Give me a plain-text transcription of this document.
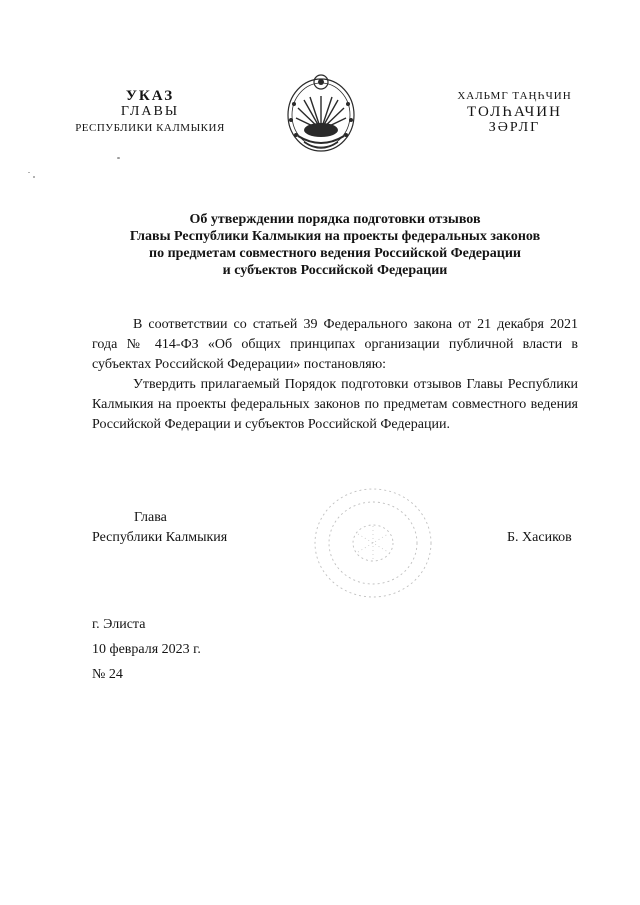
УКАЗ
ГЛАВЫ
РЕСПУБЛИКИ КАЛМЫКИЯ
ХАЛЬМГ ТАҢҺЧИН
ТОЛҺАЧИН
ЗӘРЛГ
Об утверждении порядка подготовки отзывов
Главы Республики Калмыкия на проекты федеральных законов
по предметам совместного ведения Российской Федерации
и субъектов Российской Федерации

В соответствии со статьей 39 Федерального закона от 21 декабря 2021 года № 414-ФЗ «Об общих принципах организации публичной власти в субъектах Российской Федерации» постановляю:

Утвердить прилагаемый Порядок подготовки отзывов Главы Республики Калмыкия на проекты федеральных законов по предметам совместного ведения Российской Федерации и субъектов Российской Федерации.

Глава
Республики Калмыкия	Б. Хасиков
г. Элиста
10 февраля 2023 г.
№ 24
